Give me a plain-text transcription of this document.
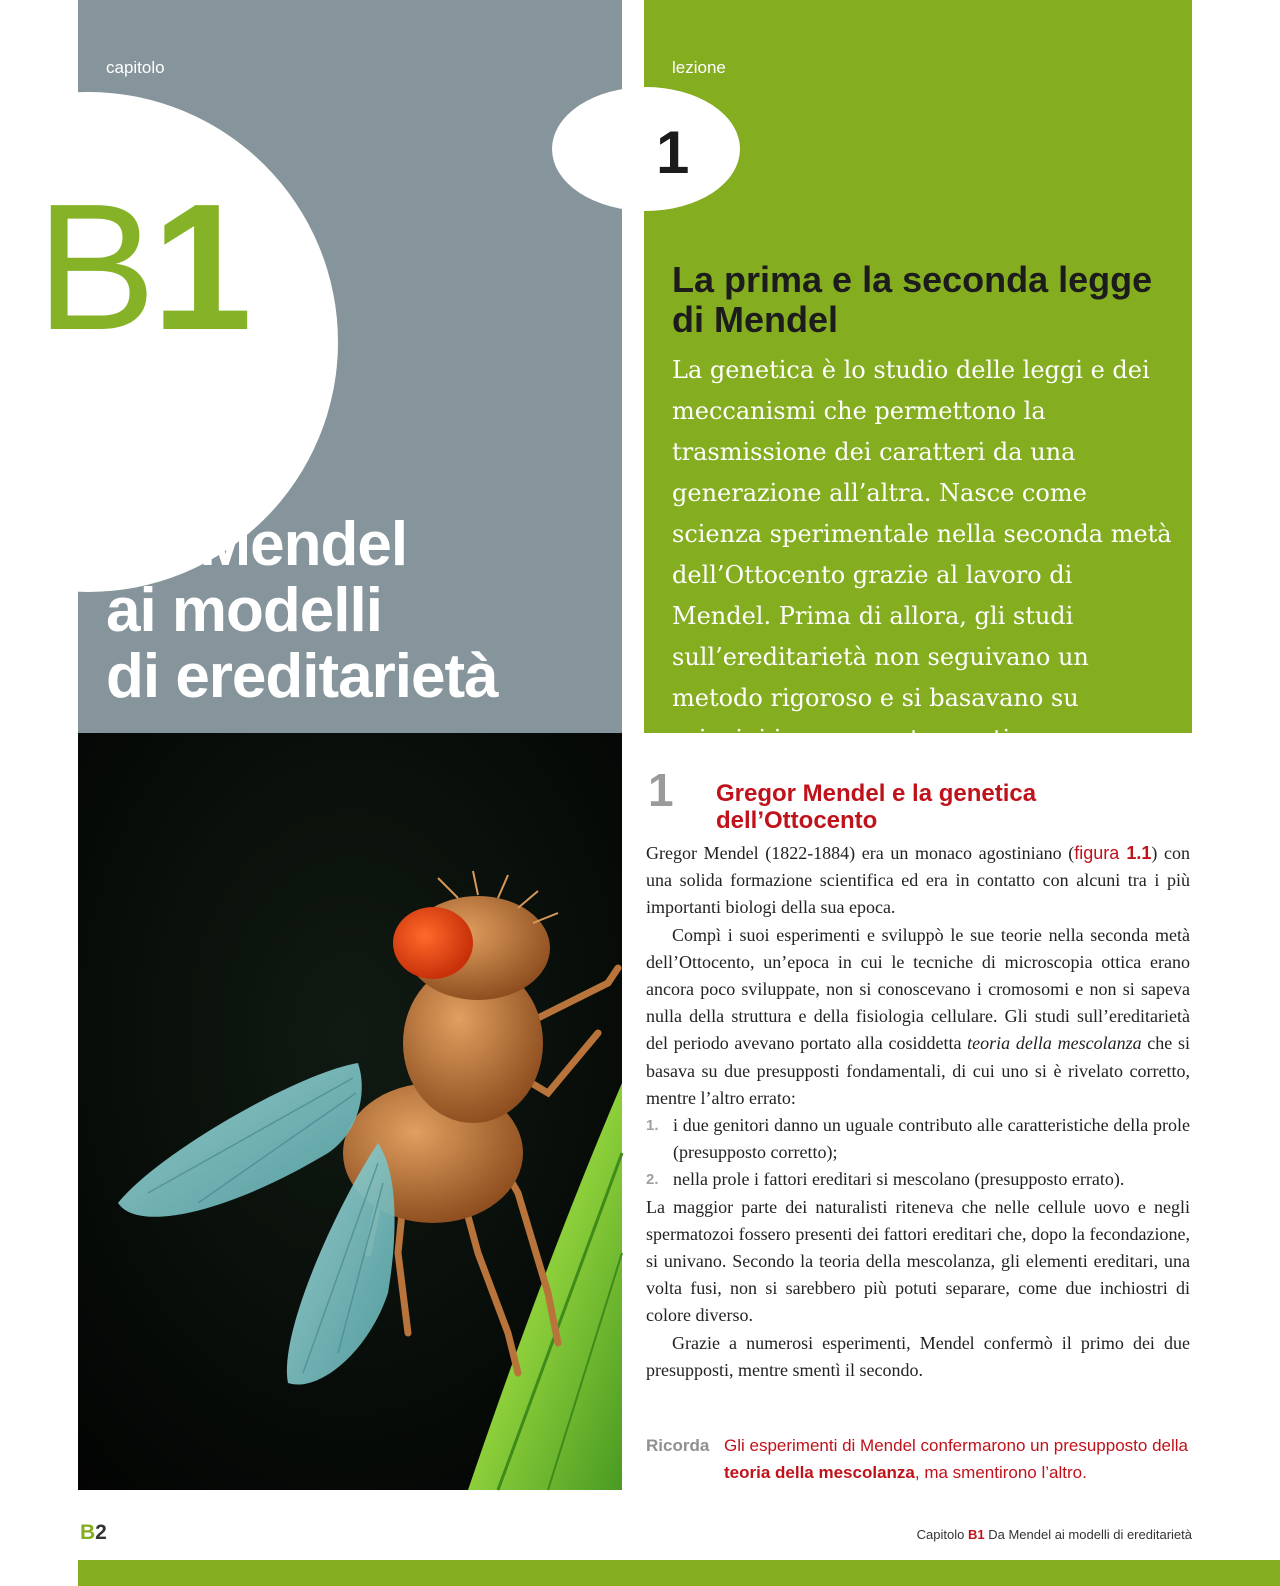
capitolo
B1
Da Mendel
ai modelli
di ereditarietà
lezione
1
La prima e la seconda legge di Mendel
La genetica è lo studio delle leggi e dei meccanismi che permettono la trasmissione dei caratteri da una generazione all’altra. Nasce come scienza sperimentale nella seconda metà dell’Ottocento grazie al lavoro di Mendel. Prima di allora, gli studi sull’ereditarietà non seguivano un metodo rigoroso e si basavano su principi in gran parte errati.
1 Gregor Mendel e la genetica dell’Ottocento

Gregor Mendel (1822-1884) era un monaco agostiniano (figura 1.1) con una solida formazione scientifica ed era in contatto con alcuni tra i più importanti biologi della sua epoca.

Compì i suoi esperimenti e sviluppò le sue teorie nella seconda metà dell’Ottocento, un’epoca in cui le tecniche di microscopia ottica erano ancora poco sviluppate, non si conoscevano i cromosomi e non si sapeva nulla della struttura e della fisiologia cellulare. Gli studi sull’ereditarietà del periodo avevano portato alla cosiddetta teoria della mescolanza che si basava su due presupposti fondamentali, di cui uno si è rivelato corretto, mentre l’altro errato:

1. i due genitori danno un uguale contributo alle caratteristiche della prole (presupposto corretto);
2. nella prole i fattori ereditari si mescolano (presupposto errato).

La maggior parte dei naturalisti riteneva che nelle cellule uovo e negli spermatozoi fossero presenti dei fattori ereditari che, dopo la fecondazione, si univano. Secondo la teoria della mescolanza, gli elementi ereditari, una volta fusi, non si sarebbero più potuti separare, come due inchiostri di colore diverso.

Grazie a numerosi esperimenti, Mendel confermò il primo dei due presupposti, mentre smentì il secondo.

Ricorda Gli esperimenti di Mendel confermarono un presupposto della teoria della mescolanza, ma smentirono l’altro.
B2	Capitolo B1 Da Mendel ai modelli di ereditarietà
